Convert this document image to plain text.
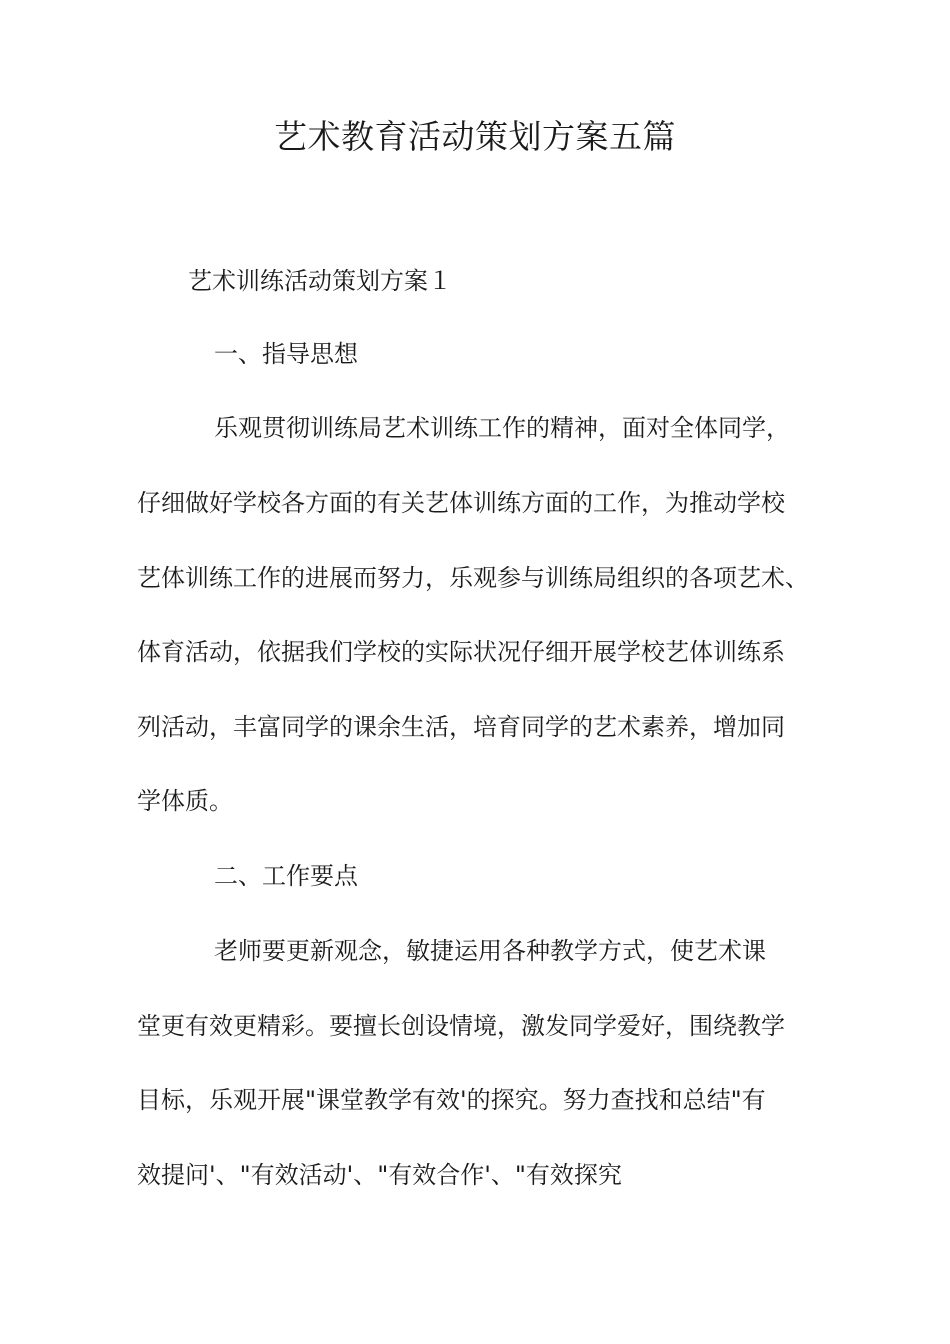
艺术教育活动策划方案五篇

艺术训练活动策划方案１

一、指导思想

乐观贯彻训练局艺术训练工作的精神，面对全体同学，

仔细做好学校各方面的有关艺体训练方面的工作，为推动学校

艺体训练工作的进展而努力，乐观参与训练局组织的各项艺术、

体育活动，依据我们学校的实际状况仔细开展学校艺体训练系

列活动，丰富同学的课余生活，培育同学的艺术素养，增加同

学体质。

二、工作要点

老师要更新观念，敏捷运用各种教学方式，使艺术课

堂更有效更精彩。要擅长创设情境，激发同学爱好，围绕教学

目标，乐观开展"课堂教学有效'的探究。努力查找和总结"有

效提问'、"有效活动'、"有效合作'、"有效探究
